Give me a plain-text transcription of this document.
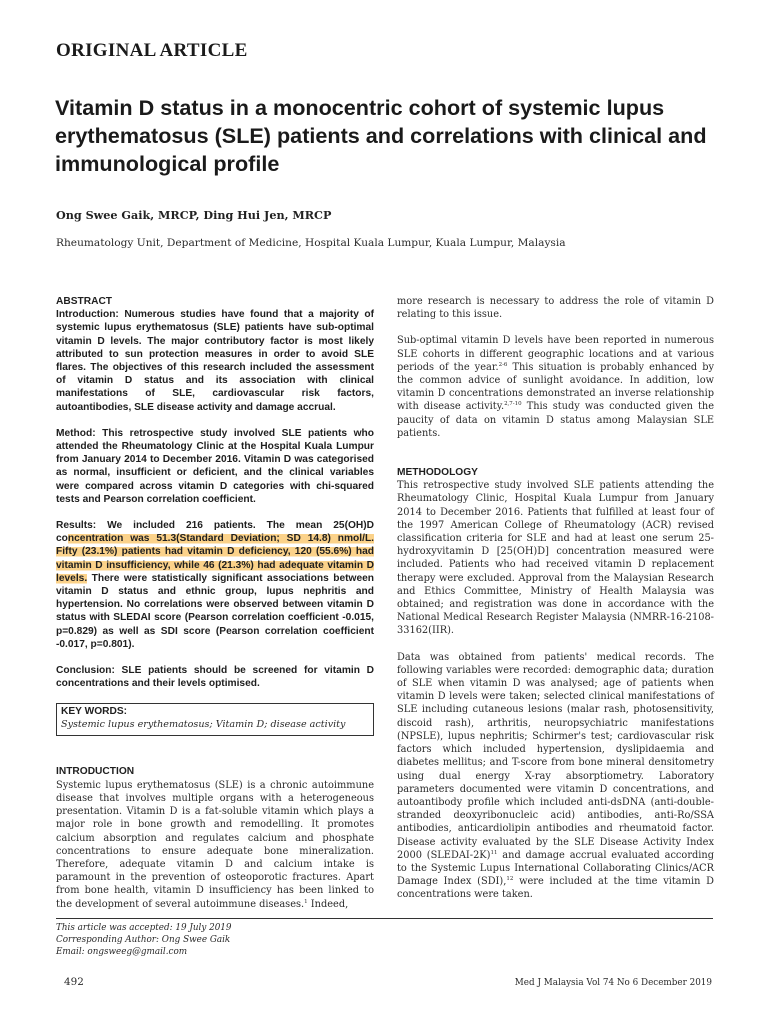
ORIGINAL ARTICLE
Vitamin D status in a monocentric cohort of systemic lupus erythematosus (SLE) patients and correlations with clinical and immunological profile
Ong Swee Gaik, MRCP, Ding Hui Jen, MRCP
Rheumatology Unit, Department of Medicine, Hospital Kuala Lumpur, Kuala Lumpur, Malaysia

ABSTRACT

Introduction: Numerous studies have found that a majority of systemic lupus erythematosus (SLE) patients have sub-optimal vitamin D levels. The major contributory factor is most likely attributed to sun protection measures in order to avoid SLE flares. The objectives of this research included the assessment of vitamin D status and its association with clinical manifestations of SLE, cardiovascular risk factors, autoantibodies, SLE disease activity and damage accrual.

Method: This retrospective study involved SLE patients who attended the Rheumatology Clinic at the Hospital Kuala Lumpur from January 2014 to December 2016. Vitamin D was categorised as normal, insufficient or deficient, and the clinical variables were compared across vitamin D categories with chi-squared tests and Pearson correlation coefficient.

Results: We included 216 patients. The mean 25(OH)D concentration was 51.3(Standard Deviation; SD 14.8) nmol/L. Fifty (23.1%) patients had vitamin D deficiency, 120 (55.6%) had vitamin D insufficiency, while 46 (21.3%) had adequate vitamin D levels. There were statistically significant associations between vitamin D status and ethnic group, lupus nephritis and hypertension. No correlations were observed between vitamin D status with SLEDAI score (Pearson correlation coefficient -0.015, p=0.829) as well as SDI score (Pearson correlation coefficient -0.017, p=0.801).

Conclusion: SLE patients should be screened for vitamin D concentrations and their levels optimised.

KEY WORDS:
Systemic lupus erythematosus; Vitamin D; disease activity

INTRODUCTION

Systemic lupus erythematosus (SLE) is a chronic autoimmune disease that involves multiple organs with a heterogeneous presentation. Vitamin D is a fat-soluble vitamin which plays a major role in bone growth and remodelling. It promotes calcium absorption and regulates calcium and phosphate concentrations to ensure adequate bone mineralization. Therefore, adequate vitamin D and calcium intake is paramount in the prevention of osteoporotic fractures. Apart from bone health, vitamin D insufficiency has been linked to the development of several autoimmune diseases.$^1$ Indeed,

more research is necessary to address the role of vitamin D relating to this issue.

Sub-optimal vitamin D levels have been reported in numerous SLE cohorts in different geographic locations and at various periods of the year.$^{2-6}$ This situation is probably enhanced by the common advice of sunlight avoidance. In addition, low vitamin D concentrations demonstrated an inverse relationship with disease activity.$^{2,7-10}$ This study was conducted given the paucity of data on vitamin D status among Malaysian SLE patients.

METHODOLOGY

This retrospective study involved SLE patients attending the Rheumatology Clinic, Hospital Kuala Lumpur from January 2014 to December 2016. Patients that fulfilled at least four of the 1997 American College of Rheumatology (ACR) revised classification criteria for SLE and had at least one serum 25-hydroxyvitamin D [25(OH)D] concentration measured were included. Patients who had received vitamin D replacement therapy were excluded. Approval from the Malaysian Research and Ethics Committee, Ministry of Health Malaysia was obtained; and registration was done in accordance with the National Medical Research Register Malaysia (NMRR-16-2108-33162(IIR).

Data was obtained from patients' medical records. The following variables were recorded: demographic data; duration of SLE when vitamin D was analysed; age of patients when vitamin D levels were taken; selected clinical manifestations of SLE including cutaneous lesions (malar rash, photosensitivity, discoid rash), arthritis, neuropsychiatric manifestations (NPSLE), lupus nephritis; Schirmer's test; cardiovascular risk factors which included hypertension, dyslipidaemia and diabetes mellitus; and T-score from bone mineral densitometry using dual energy X-ray absorptiometry. Laboratory parameters documented were vitamin D concentrations, and autoantibody profile which included anti-dsDNA (anti-double-stranded deoxyribonucleic acid) antibodies, anti-Ro/SSA antibodies, anticardiolipin antibodies and rheumatoid factor. Disease activity evaluated by the SLE Disease Activity Index 2000 (SLEDAI-2K)$^{11}$ and damage accrual evaluated according to the Systemic Lupus International Collaborating Clinics/ACR Damage Index (SDI),$^{12}$ were included at the time vitamin D concentrations were taken.

This article was accepted: 19 July 2019
Corresponding Author: Ong Swee Gaik
Email: ongsweeg@gmail.com
492	Med J Malaysia Vol 74 No 6 December 2019
